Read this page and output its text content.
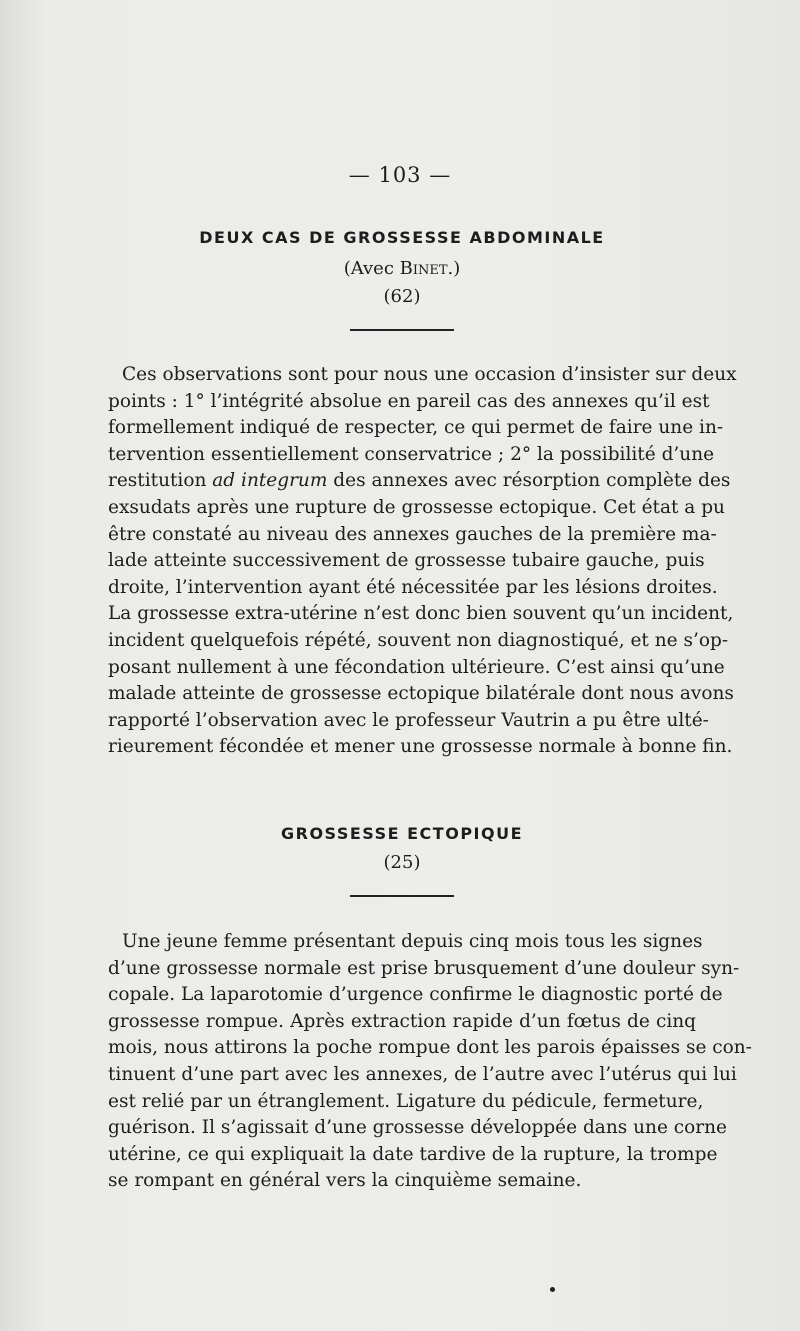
— 103 —
DEUX CAS DE GROSSESSE ABDOMINALE

(Avec Binet.)

(62)

Ces observations sont pour nous une occasion d’insister sur deux
points : 1° l’intégrité absolue en pareil cas des annexes qu’il est
formellement indiqué de respecter, ce qui permet de faire une in-
tervention essentiellement conservatrice ; 2° la possibilité d’une
restitution ad integrum des annexes avec résorption complète des
exsudats après une rupture de grossesse ectopique. Cet état a pu
être constaté au niveau des annexes gauches de la première ma-
lade atteinte successivement de grossesse tubaire gauche, puis
droite, l’intervention ayant été nécessitée par les lésions droites.
La grossesse extra-utérine n’est donc bien souvent qu’un incident,
incident quelquefois répété, souvent non diagnostiqué, et ne s’op-
posant nullement à une fécondation ultérieure. C’est ainsi qu’une
malade atteinte de grossesse ectopique bilatérale dont nous avons
rapporté l’observation avec le professeur Vautrin a pu être ulté-
rieurement fécondée et mener une grossesse normale à bonne fin.
GROSSESSE ECTOPIQUE

(25)

Une jeune femme présentant depuis cinq mois tous les signes
d’une grossesse normale est prise brusquement d’une douleur syn-
copale. La laparotomie d’urgence confirme le diagnostic porté de
grossesse rompue. Après extraction rapide d’un fœtus de cinq
mois, nous attirons la poche rompue dont les parois épaisses se con-
tinuent d’une part avec les annexes, de l’autre avec l’utérus qui lui
est relié par un étranglement. Ligature du pédicule, fermeture,
guérison. Il s’agissait d’une grossesse développée dans une corne
utérine, ce qui expliquait la date tardive de la rupture, la trompe
se rompant en général vers la cinquième semaine.
